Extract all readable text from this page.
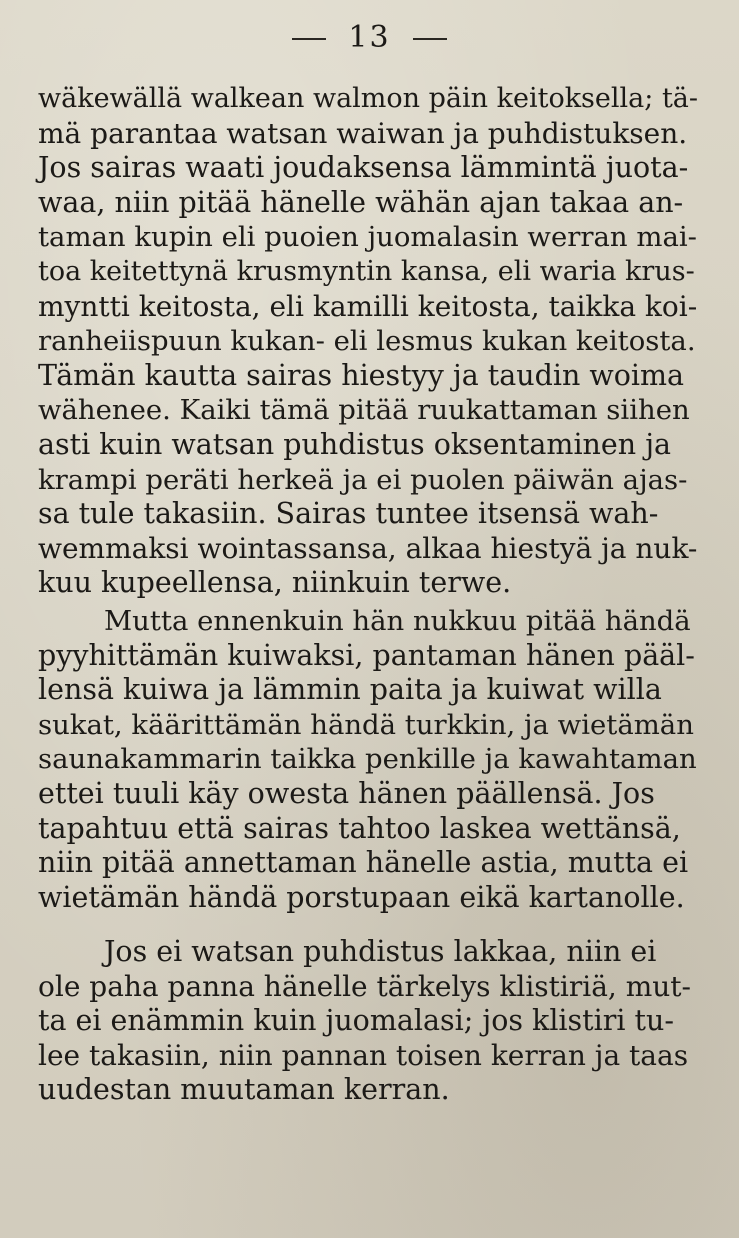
13
wäkewällä walkean walmon päin keitoksella; tä-
mä parantaa watsan waiwan ja puhdistuksen.
Jos sairas waati joudaksensa lämmintä juota-
waa, niin pitää hänelle wähän ajan takaa an-
taman kupin eli puoien juomalasin werran mai-
toa keitettynä krusmyntin kansa, eli waria krus-
myntti keitosta, eli kamilli keitosta, taikka koi-
ranheiispuun kukan- eli lesmus kukan keitosta.
Tämän kautta sairas hiestyy ja taudin woima
wähenee. Kaiki tämä pitää ruukattaman siihen
asti kuin watsan puhdistus oksentaminen ja
krampi peräti herkeä ja ei puolen päiwän ajas-
sa tule takasiin. Sairas tuntee itsensä wah-
wemmaksi wointassansa, alkaa hiestyä ja nuk-
kuu kupeellensa, niinkuin terwe.
Mutta ennenkuin hän nukkuu pitää händä
pyyhittämän kuiwaksi, pantaman hänen pääl-
lensä kuiwa ja lämmin paita ja kuiwat willa
sukat, käärittämän händä turkkin, ja wietämän
saunakammarin taikka penkille ja kawahtaman
ettei tuuli käy owesta hänen päällensä. Jos
tapahtuu että sairas tahtoo laskea wettänsä,
niin pitää annettaman hänelle astia, mutta ei
wietämän händä porstupaan eikä kartanolle.
Jos ei watsan puhdistus lakkaa, niin ei
ole paha panna hänelle tärkelys klistiriä, mut-
ta ei enämmin kuin juomalasi; jos klistiri tu-
lee takasiin, niin pannan toisen kerran ja taas
uudestan muutaman kerran.
